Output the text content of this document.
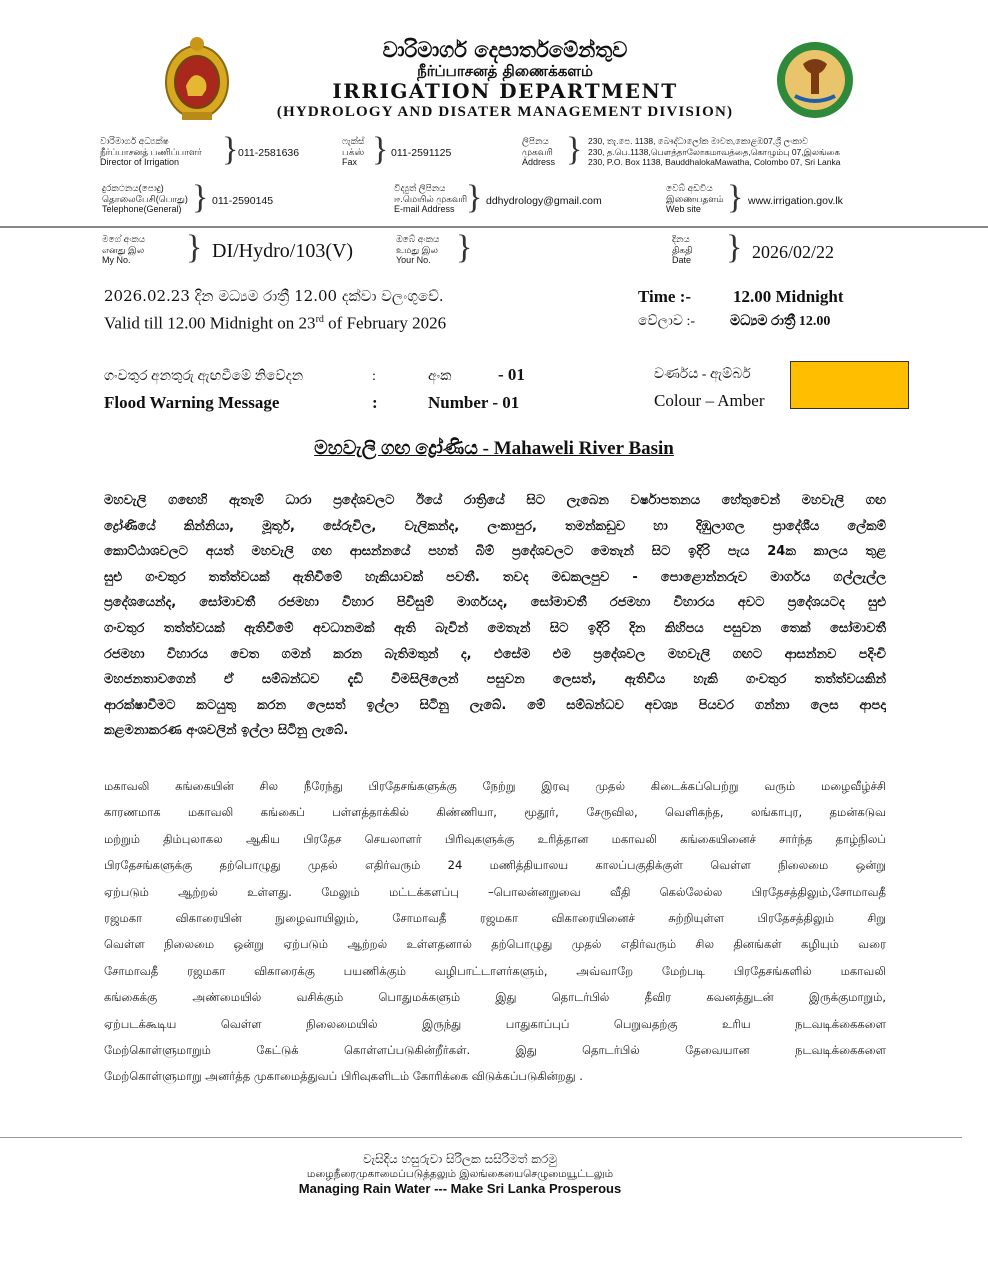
වාරිමාර්ග දෙපාර්තමේන්තුව
நீர்ப்பாசனத் திணைக்களம்
IRRIGATION DEPARTMENT
(HYDROLOGY AND DISATER MANAGEMENT DIVISION)
වාරිමාර්ග අධ්‍යක්ෂ
நீர்ப்பாசனத் பணிப்பாளர்
Director of Irrigation	} 011-2581636
ෆැක්ස්
பக்ஸ்
Fax } 011-2591125
ලිපිනය
முகவரி
Address } 230, තැ.පෙ. 1138, බෞද්ධාලෝක මාවත,කොළඹ07,ශ්‍රී ලංකාව
230, த.பெ.1138,பௌத்தாலோகமாவத்தை,கொழும்பு 07,இலங்கை
230, P.O. Box 1138, BauddhalokaMawatha, Colombo 07, Sri Lanka
දුරකථනය(පොදු)
தொலைபேசி(பொது)
Telephone(General) } 011-2590145
විද්‍යුත් ලිපිනය
ஈ.மெயில் முகவரி
E-mail Address } ddhydrology@gmail.com
වෙබ් අඩවිය
இணையதளம்
Web site } www.irrigation.gov.lk
මගේ අංකය
எனது இல
My No.	} DI/Hydro/103(V)
ඔබේ අංකය
உமது இல
Your No. }	දිනය
திகதி
Date } 2026/02/22
2026.02.23 දින මධ්‍යම රාත්‍රී 12.00 දක්වා වලංගුවේ.
Valid till 12.00 Midnight on 23rd of February 2026
Time :- 12.00 Midnight
වේලාව :- මධ්‍යම රාත්‍රී 12.00
ගංවතුර අනතුරු ඇඟවීමේ නිවේදන	:	අංක	- 01
Flood Warning Message	:	Number - 01
වර්ණය - ඇම්බර්
Colour – Amber
මහවැලි ගඟ ද්‍රෝණිය - Mahaweli River Basin
මහවැලි ගඟෙහි ඇතැම් ධාරා ප්‍රදේශවලට ඊයේ රාත්‍රියේ සිට ලැබෙන වර්ෂාපතනය හේතුවෙන් මහවැලි ගඟ
ද්‍රෝණියේ කින්නියා, මූතූර්, සේරුවිල, වැලිකන්ද, ලංකාපුර, තමන්කඩුව හා දිඹුලාගල ප්‍රාදේශීය ලේකම්
කොට්ඨාශවලට අයත් මහවැලි ගඟ ආසන්නයේ පහත් බිම් ප්‍රදේශවලට මෙතැන් සිට ඉදිරි පැය 24ක කාලය තුළ
සුළු ගංවතුර තත්ත්වයක් ඇතිවීමේ හැකියාවක් පවතී. තවද මඩකලපුව - පොළොන්නරුව මාර්ගය ගල්ලැල්ල
ප්‍රදේශයෙන්ද, සෝමාවතී රජමහා විහාර පිවිසුම් මාර්ගයද, සෝමාවතී රජමහා විහාරය අවට ප්‍රදේශයටද සුළු
ගංවතුර තත්ත්වයක් ඇතිවීමේ අවධානමක් ඇති බැවින් මෙතැන් සිට ඉදිරි දින කිහිපය පසුවන තෙක් සෝමාවතී
රජමහා විහාරය වෙත ගමන් කරන බැතිමතුන් ද, එසේම එම ප්‍රදේශවල මහවැලි ගඟට ආසන්නව පදිංචි
මහජනතාවගෙන් ඒ සම්බන්ධව දැඩි විමසිලිලෙන් පසුවන ලෙසත්, ඇතිවිය හැකි ගංවතුර තත්ත්වයකින්
ආරක්ෂාවීමට කටයුතු කරන ලෙසත් ඉල්ලා සිටිනු ලැබේ. මේ සම්බන්ධව අවශ්‍ය පියවර ගන්නා ලෙස ආපදා
කළමනාකරණ අංශවලින් ඉල්ලා සිටිනු ලැබේ.
மகாவலி கங்கையின் சில நீரேந்து பிரதேசங்களுக்கு நேற்று இரவு முதல் கிடைக்கப்பெற்று வரும் மழைவீழ்ச்சி
காரணமாக மகாவலி கங்கைப் பள்ளத்தாக்கில் கிண்ணியா, மூதூர், சேருவில, வெளிகந்த, லங்காபுர, தமன்கடுவ
மற்றும் திம்புலாகல ஆகிய பிரதேச செயலாளர் பிரிவுகளுக்கு உரித்தான மகாவலி கங்கையினைச் சார்ந்த தாழ்நிலப்
பிரதேசங்களுக்கு தற்பொழுது முதல் எதிர்வரும் 24 மணித்தியாலய காலப்பகுதிக்குள் வெள்ள நிலைமை ஒன்று
ஏற்படும் ஆற்றல் உள்ளது. மேலும் மட்டக்களப்பு –பொலன்னறுவை வீதி கெல்லேல்ல பிரதேசத்திலும்,சோமாவதீ
ரஜமகா விகாரையின் நுழைவாயிலும், சோமாவதீ ரஜமகா விகாரையினைச் சுற்றியுள்ள பிரதேசத்திலும் சிறு
வெள்ள நிலைமை ஒன்று ஏற்படும் ஆற்றல் உள்ளதனால் தற்பொழுது முதல் எதிர்வரும் சில தினங்கள் கழியும் வரை
சோமாவதீ ரஜமகா விகாரைக்கு பயணிக்கும் வழிபாட்டாளர்களும், அவ்வாறே மேற்படி பிரதேசங்களில் மகாவலி
கங்கைக்கு அண்மையில் வசிக்கும் பொதுமக்களும் இது தொடர்பில் தீவிர கவனத்துடன் இருக்குமாறும்,
ஏற்படக்கூடிய வெள்ள நிலைமையில் இருந்து பாதுகாப்புப் பெறுவதற்கு உரிய நடவடிக்கைகளை
மேற்கொள்ளுமாறும் கேட்டுக் கொள்ளப்படுகின்றீர்கள். இது தொடர்பில் தேவையான நடவடிக்கைகளை
மேற்கொள்ளுமாறு அனர்த்த முகாமைத்துவப் பிரிவுகளிடம் கோரிக்கை விடுக்கப்படுகின்றது .
වැසිදිය හසුරුවා සිරිලක සසිරිමත් කරමු
மழைநீரைமுகாமைப்படுத்தலும் இலங்கையைசெழுமையூட்டலும்
Managing Rain Water --- Make Sri Lanka Prosperous
